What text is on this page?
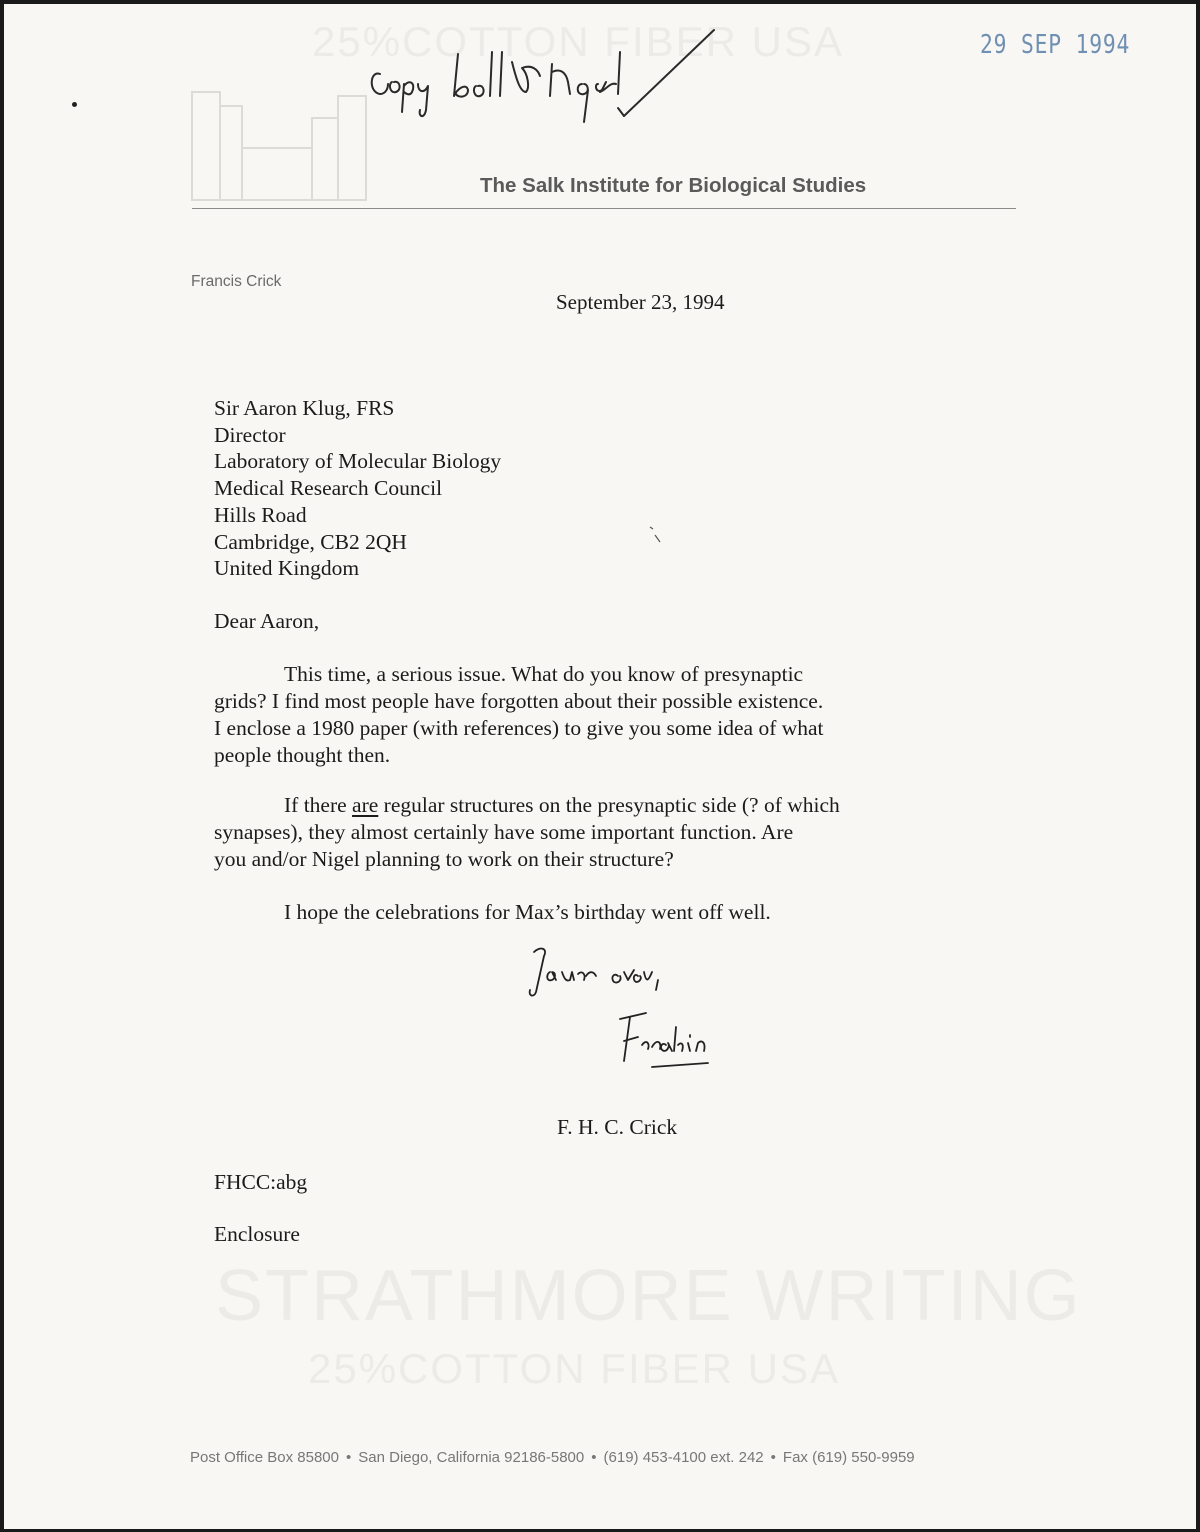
25%COTTON FIBER USA
STRATHMORE WRITING
25%COTTON FIBER USA
29 SEP 1994
The Salk Institute for Biological Studies
Francis Crick
September 23, 1994
Sir Aaron Klug, FRS
Director
Laboratory of Molecular Biology
Medical Research Council
Hills Road
Cambridge, CB2 2QH
United Kingdom
Dear Aaron,
This time, a serious issue. What do you know of presynaptic
grids? I find most people have forgotten about their possible existence.
I enclose a 1980 paper (with references) to give you some idea of what
people thought then.
If there are regular structures on the presynaptic side (? of which
synapses), they almost certainly have some important function. Are
you and/or Nigel planning to work on their structure?
I hope the celebrations for Max’s birthday went off well.
F. H. C. Crick
FHCC:abg
Enclosure
Post Office Box 85800 • San Diego, California 92186-5800 • (619) 453-4100 ext. 242 • Fax (619) 550-9959
